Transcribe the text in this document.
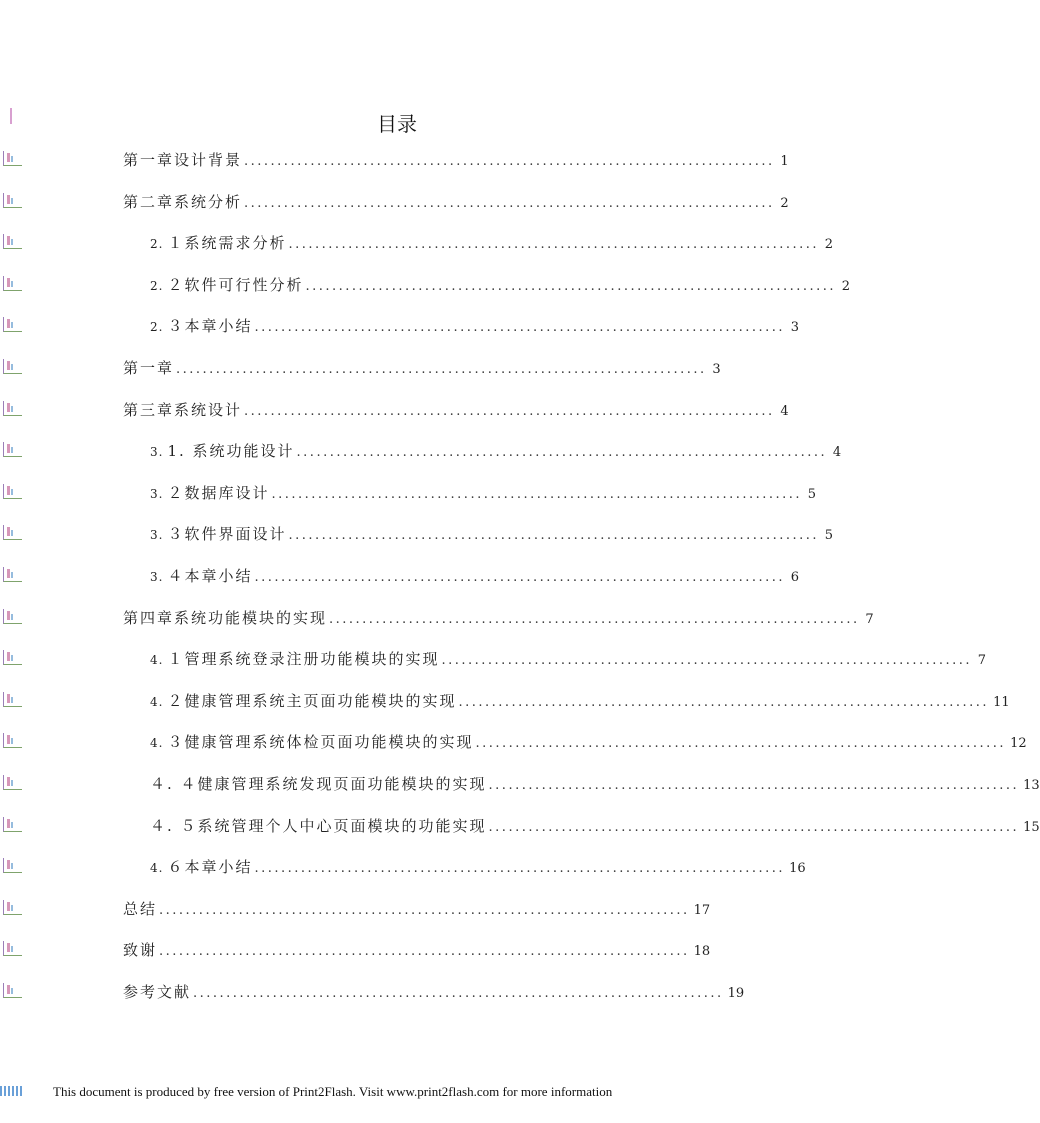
目录
第一章设计背景 ................................................................................ 1
第二章系统分析 ................................................................................ 2
2. １系统需求分析 ................................................................................ 2
2. ２软件可行性分析 ................................................................................ 2
2. ３本章小结 ................................................................................ 3
第一章 ................................................................................ 3
第三章系统设计 ................................................................................ 4
3. 1. 系统功能设计 ................................................................................ 4
3. ２数据库设计 ................................................................................ 5
3. ３软件界面设计 ................................................................................ 5
3. ４本章小结 ................................................................................ 6
第四章系统功能模块的实现 ................................................................................ 7
4. １管理系统登录注册功能模块的实现 ................................................................................ 7
4. ２健康管理系统主页面功能模块的实现 ................................................................................ 11
4. ３健康管理系统体检页面功能模块的实现 ................................................................................ 12
４. ４健康管理系统发现页面功能模块的实现 ................................................................................ 13
４. ５系统管理个人中心页面模块的功能实现 ................................................................................ 15
4. ６本章小结 ................................................................................ 16
总结 ................................................................................ 17
致谢 ................................................................................ 18
参考文献 ................................................................................ 19
This document is produced by free version of Print2Flash. Visit www.print2flash.com for more information
